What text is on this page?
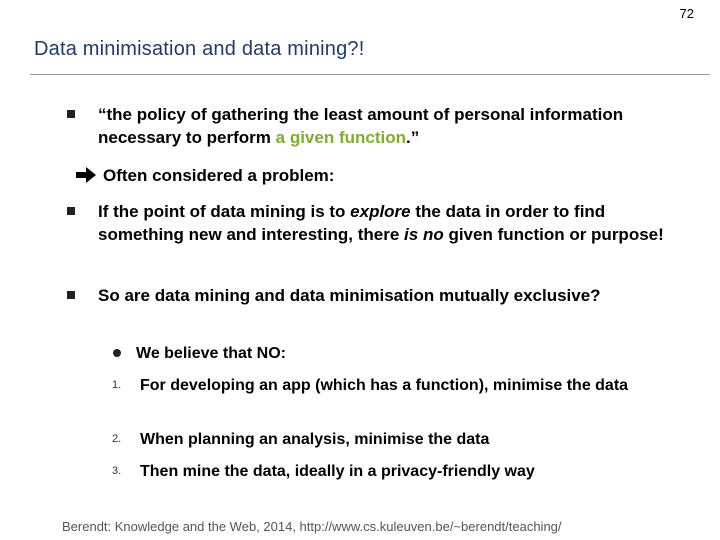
72
Data minimisation and data mining?!
“the policy of gathering the least amount of personal information necessary to perform a given function.”
Often considered a problem:
If the point of data mining is to explore the data in order to find something new and interesting, there is no given function or purpose!
So are data mining and data minimisation mutually exclusive?
We believe that NO:
1. For developing an app (which has a function), minimise the data
2. When planning an analysis, minimise the data
3. Then mine the data, ideally in a privacy-friendly way
Berendt: Knowledge and the Web, 2014, http://www.cs.kuleuven.be/~berendt/teaching/
